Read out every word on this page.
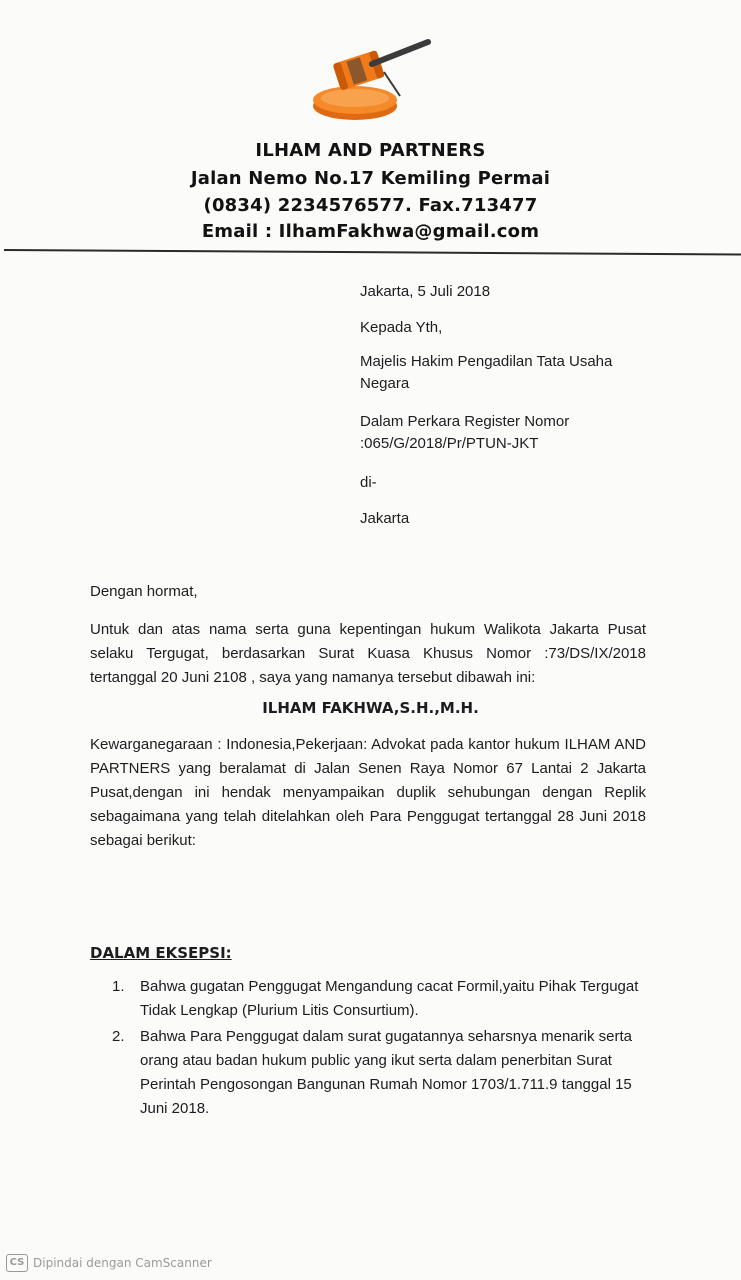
ILHAM AND PARTNERS
Jalan Nemo No.17 Kemiling Permai
(0834) 2234576577. Fax.713477
Email : IlhamFakhwa@gmail.com
Jakarta, 5 Juli 2018
Kepada Yth,
Majelis Hakim Pengadilan Tata Usaha Negara
Dalam Perkara Register Nomor :065/G/2018/Pr/PTUN-JKT
di-
Jakarta
Dengan hormat,
Untuk dan atas nama serta guna kepentingan hukum Walikota Jakarta Pusat selaku Tergugat, berdasarkan Surat Kuasa Khusus Nomor :73/DS/IX/2018 tertanggal 20 Juni 2108 , saya yang namanya tersebut dibawah ini:
ILHAM FAKHWA,S.H.,M.H.
Kewarganegaraan : Indonesia,Pekerjaan: Advokat pada kantor hukum ILHAM AND PARTNERS yang beralamat di Jalan Senen Raya Nomor 67 Lantai 2 Jakarta Pusat,dengan ini hendak menyampaikan duplik sehubungan dengan Replik sebagaimana yang telah ditelahkan oleh Para Penggugat tertanggal 28 Juni 2018 sebagai berikut:
DALAM EKSEPSI:
1. Bahwa gugatan Penggugat Mengandung cacat Formil,yaitu Pihak Tergugat Tidak Lengkap (Plurium Litis Consurtium).
2. Bahwa Para Penggugat dalam surat gugatannya seharsnya menarik serta orang atau badan hukum public yang ikut serta dalam penerbitan Surat Perintah Pengosongan Bangunan Rumah Nomor 1703/1.711.9 tanggal 15 Juni 2018.
CS Dipindai dengan CamScanner
